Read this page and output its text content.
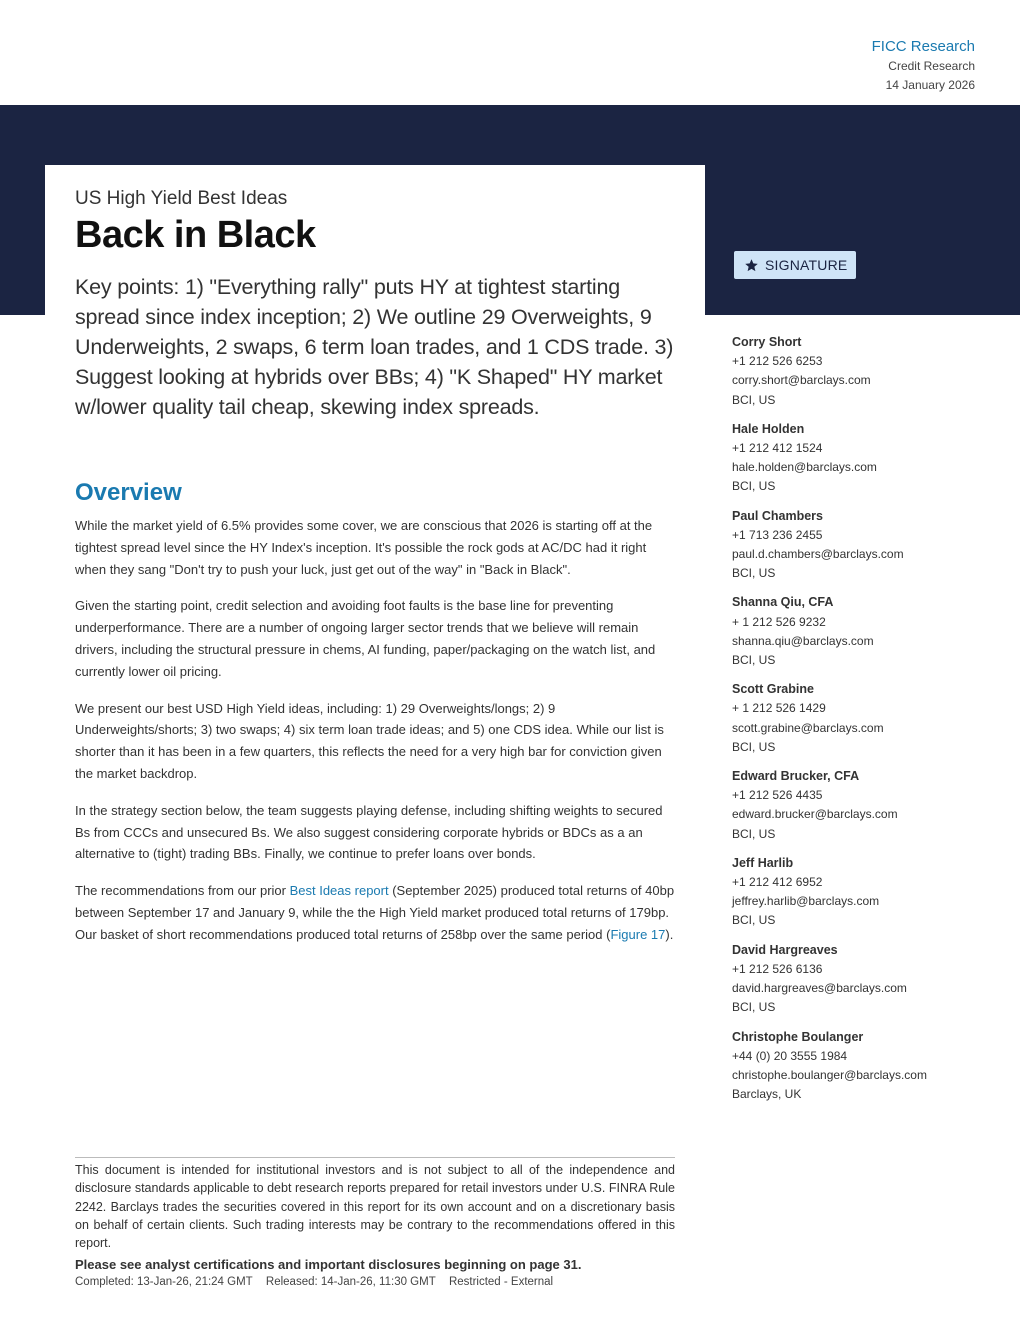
FICC Research
Credit Research
14 January 2026
US High Yield Best Ideas
Back in Black
Key points: 1) "Everything rally" puts HY at tightest starting spread since index inception; 2) We outline 29 Overweights, 9 Underweights, 2 swaps, 6 term loan trades, and 1 CDS trade. 3) Suggest looking at hybrids over BBs; 4) "K Shaped" HY market w/lower quality tail cheap, skewing index spreads.
SIGNATURE
Overview

While the market yield of 6.5% provides some cover, we are conscious that 2026 is starting off at the tightest spread level since the HY Index's inception. It's possible the rock gods at AC/DC had it right when they sang "Don't try to push your luck, just get out of the way" in "Back in Black".

Given the starting point, credit selection and avoiding foot faults is the base line for preventing underperformance. There are a number of ongoing larger sector trends that we believe will remain drivers, including the structural pressure in chems, AI funding, paper/packaging on the watch list, and currently lower oil pricing.

We present our best USD High Yield ideas, including: 1) 29 Overweights/longs; 2) 9 Underweights/shorts; 3) two swaps; 4) six term loan trade ideas; and 5) one CDS idea. While our list is shorter than it has been in a few quarters, this reflects the need for a very high bar for conviction given the market backdrop.

In the strategy section below, the team suggests playing defense, including shifting weights to secured Bs from CCCs and unsecured Bs. We also suggest considering corporate hybrids or BDCs as a an alternative to (tight) trading BBs. Finally, we continue to prefer loans over bonds.

The recommendations from our prior Best Ideas report (September 2025) produced total returns of 40bp between September 17 and January 9, while the the High Yield market produced total returns of 179bp. Our basket of short recommendations produced total returns of 258bp over the same period (Figure 17).

Corry Short
+1 212 526 6253
corry.short@barclays.com
BCI, US
Hale Holden
+1 212 412 1524
hale.holden@barclays.com
BCI, US
Paul Chambers
+1 713 236 2455
paul.d.chambers@barclays.com
BCI, US
Shanna Qiu, CFA
+ 1 212 526 9232
shanna.qiu@barclays.com
BCI, US
Scott Grabine
+ 1 212 526 1429
scott.grabine@barclays.com
BCI, US
Edward Brucker, CFA
+1 212 526 4435
edward.brucker@barclays.com
BCI, US
Jeff Harlib
+1 212 412 6952
jeffrey.harlib@barclays.com
BCI, US
David Hargreaves
+1 212 526 6136
david.hargreaves@barclays.com
BCI, US
Christophe Boulanger
+44 (0) 20 3555 1984
christophe.boulanger@barclays.com
Barclays, UK
This document is intended for institutional investors and is not subject to all of the independence and disclosure standards applicable to debt research reports prepared for retail investors under U.S. FINRA Rule 2242. Barclays trades the securities covered in this report for its own account and on a discretionary basis on behalf of certain clients. Such trading interests may be contrary to the recommendations offered in this report.
Please see analyst certifications and important disclosures beginning on page 31.
Completed: 13-Jan-26, 21:24 GMT Released: 14-Jan-26, 11:30 GMT Restricted - External
